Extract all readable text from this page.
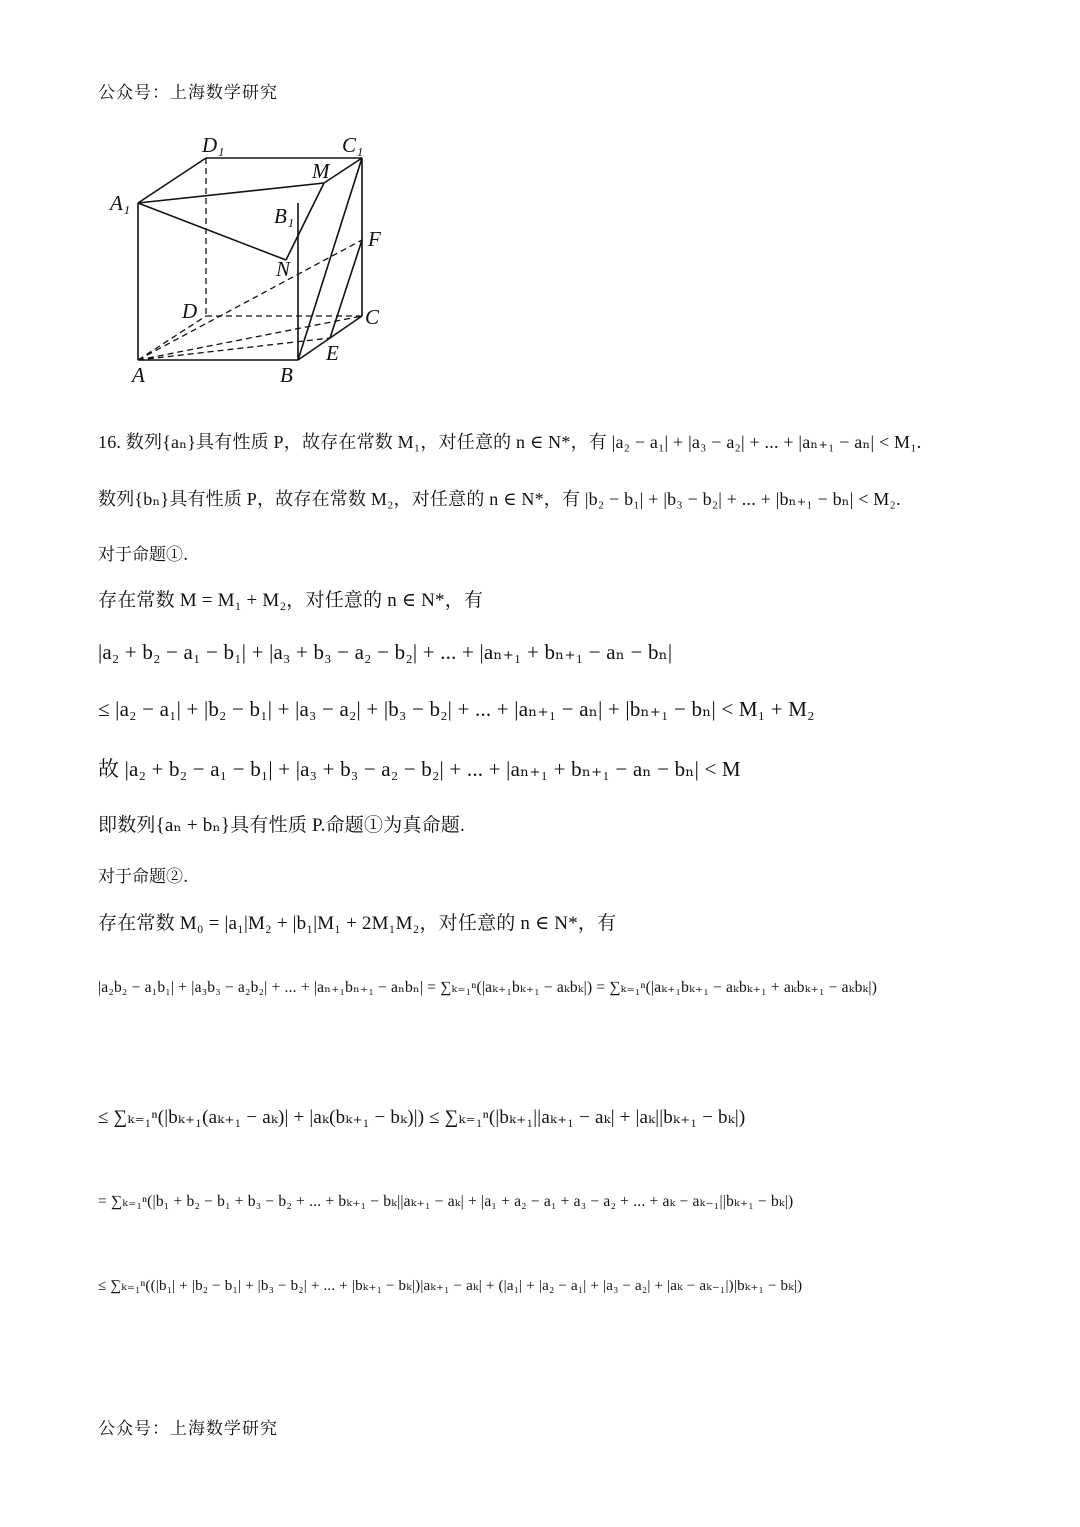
公众号：上海数学研究
A₁
D₁	C₁
M
B₁
F
N
D	C
E
A	B
16. 数列{aₙ}具有性质 P，故存在常数 M₁，对任意的 n ∈ N*，有 |a₂ − a₁| + |a₃ − a₂| + ... + |aₙ₊₁ − aₙ| < M₁.
数列{bₙ}具有性质 P，故存在常数 M₂，对任意的 n ∈ N*，有 |b₂ − b₁| + |b₃ − b₂| + ... + |bₙ₊₁ − bₙ| < M₂.
对于命题①.
存在常数 M = M₁ + M₂，对任意的 n ∈ N*，有
|a₂ + b₂ − a₁ − b₁| + |a₃ + b₃ − a₂ − b₂| + ... + |aₙ₊₁ + bₙ₊₁ − aₙ − bₙ|
≤ |a₂ − a₁| + |b₂ − b₁| + |a₃ − a₂| + |b₃ − b₂| + ... + |aₙ₊₁ − aₙ| + |bₙ₊₁ − bₙ| < M₁ + M₂
故 |a₂ + b₂ − a₁ − b₁| + |a₃ + b₃ − a₂ − b₂| + ... + |aₙ₊₁ + bₙ₊₁ − aₙ − bₙ| < M
即数列{aₙ + bₙ}具有性质 P.命题①为真命题.
对于命题②.
存在常数 M₀ = |a₁|M₂ + |b₁|M₁ + 2M₁M₂，对任意的 n ∈ N*，有
|a₂b₂ − a₁b₁| + |a₃b₃ − a₂b₂| + ... + |aₙ₊₁bₙ₊₁ − aₙbₙ| = ∑ₖ₌₁ⁿ(|aₖ₊₁bₖ₊₁ − aₖbₖ|) = ∑ₖ₌₁ⁿ(|aₖ₊₁bₖ₊₁ − aₖbₖ₊₁ + aₖbₖ₊₁ − aₖbₖ|)
≤ ∑ₖ₌₁ⁿ(|bₖ₊₁(aₖ₊₁ − aₖ)| + |aₖ(bₖ₊₁ − bₖ)|) ≤ ∑ₖ₌₁ⁿ(|bₖ₊₁||aₖ₊₁ − aₖ| + |aₖ||bₖ₊₁ − bₖ|)
= ∑ₖ₌₁ⁿ(|b₁ + b₂ − b₁ + b₃ − b₂ + ... + bₖ₊₁ − bₖ||aₖ₊₁ − aₖ| + |a₁ + a₂ − a₁ + a₃ − a₂ + ... + aₖ − aₖ₋₁||bₖ₊₁ − bₖ|)
≤ ∑ₖ₌₁ⁿ((|b₁| + |b₂ − b₁| + |b₃ − b₂| + ... + |bₖ₊₁ − bₖ|)|aₖ₊₁ − aₖ| + (|a₁| + |a₂ − a₁| + |a₃ − a₂| + |aₖ − aₖ₋₁|)|bₖ₊₁ − bₖ|)
公众号：上海数学研究
